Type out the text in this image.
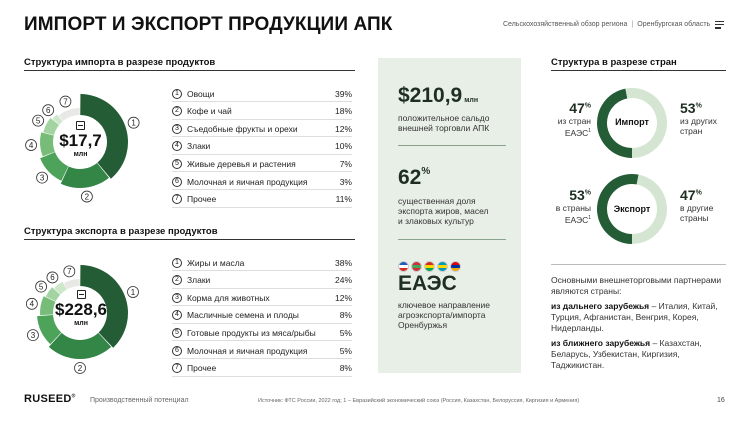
ИМПОРТ И ЭКСПОРТ ПРОДУКЦИИ АПК	Сельскохозяйственный обзор региона | Оренбургская область
Структура импорта в разрезе продуктов
1
2
3
4
5
6
7
$17,7
млн
1 Овощи	39%
2 Кофе и чай	18%
3 Съедобные фрукты и орехи	12%
4 Злаки	10%
5 Живые деревья и растения	7%
6 Молочная и яичная продукция	3%
7 Прочее	11%
Структура экспорта в разрезе продуктов
1
2
3
4
5
6
7
$228,6
млн
1 Жиры и масла	38%
2 Злаки	24%
3 Корма для животных	12%
4 Масличные семена и плоды	8%
5 Готовые продукты из мяса/рыбы	5%
6 Молочная и яичная продукция	5%
7 Прочее	8%
$210,9 млн
положительное сальдо
внешней торговли АПК
62%
существенная доля
экспорта жиров, масел
и злаковых культур
ЕАЭС
ключевое направление
агроэкспорта/импорта
Оренбуржья
Структура в разрезе стран
Импорт
47%
из стран
ЕАЭС$^1$
53%
из других
стран
Экспорт
53%
в страны
ЕАЭС$^1$
47%
в другие
страны
Основными внешнеторговыми партнерами являются страны:
из дальнего зарубежья – Италия, Китай, Турция, Афганистан, Венгрия, Корея, Нидерланды.
из ближнего зарубежья – Казахстан, Беларусь, Узбекистан, Киргизия, Таджикистан.
RUSEED®
Производственный потенциал	Источник: ФТС России, 2022 год; 1 – Евразийский экономический союз (Россия, Казахстан, Белоруссия, Киргизия и Армения)	16
